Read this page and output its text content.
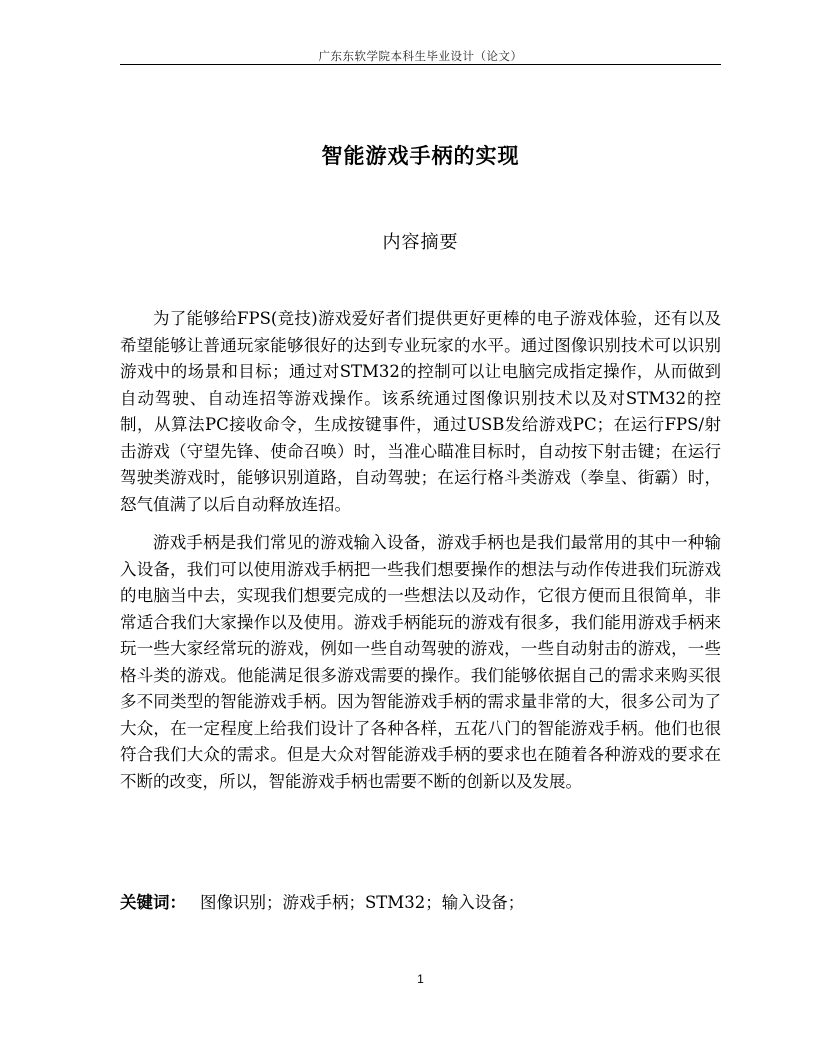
广东东软学院本科生毕业设计（论文）
智能游戏手柄的实现
内容摘要

为了能够给FPS(竞技)游戏爱好者们提供更好更棒的电子游戏体验，还有以及希望能够让普通玩家能够很好的达到专业玩家的水平。通过图像识别技术可以识别游戏中的场景和目标；通过对STM32的控制可以让电脑完成指定操作，从而做到自动驾驶、自动连招等游戏操作。该系统通过图像识别技术以及对STM32的控制，从算法PC接收命令，生成按键事件，通过USB发给游戏PC；在运行FPS/射击游戏（守望先锋、使命召唤）时，当准心瞄准目标时，自动按下射击键；在运行驾驶类游戏时，能够识别道路，自动驾驶；在运行格斗类游戏（拳皇、街霸）时，怒气值满了以后自动释放连招。

游戏手柄是我们常见的游戏输入设备，游戏手柄也是我们最常用的其中一种输入设备，我们可以使用游戏手柄把一些我们想要操作的想法与动作传进我们玩游戏的电脑当中去，实现我们想要完成的一些想法以及动作，它很方便而且很简单，非常适合我们大家操作以及使用。游戏手柄能玩的游戏有很多，我们能用游戏手柄来玩一些大家经常玩的游戏，例如一些自动驾驶的游戏，一些自动射击的游戏，一些格斗类的游戏。他能满足很多游戏需要的操作。我们能够依据自己的需求来购买很多不同类型的智能游戏手柄。因为智能游戏手柄的需求量非常的大，很多公司为了大众，在一定程度上给我们设计了各种各样，五花八门的智能游戏手柄。他们也很符合我们大众的需求。但是大众对智能游戏手柄的要求也在随着各种游戏的要求在不断的改变，所以，智能游戏手柄也需要不断的创新以及发展。

关键词： 图像识别；游戏手柄；STM32；输入设备；
1
